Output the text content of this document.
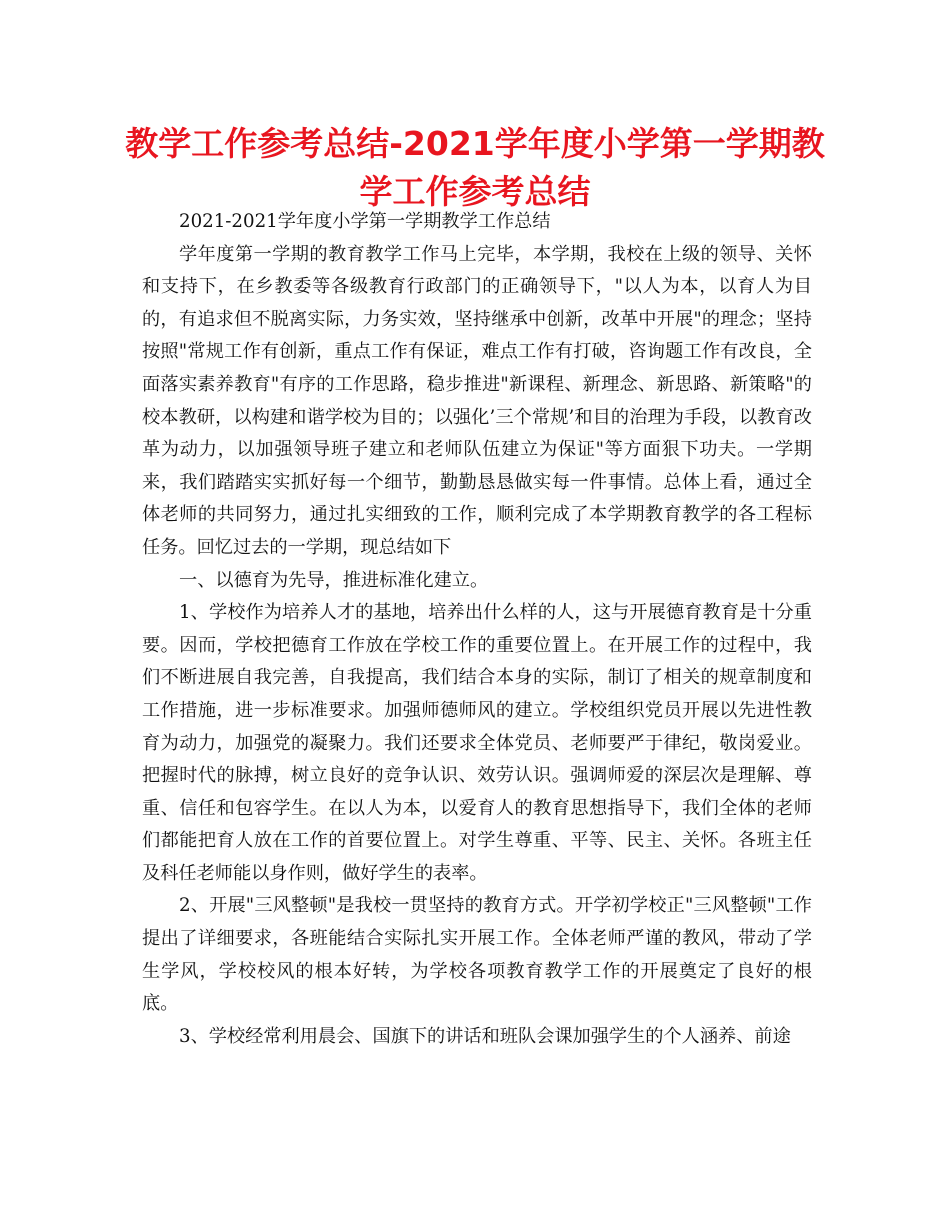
教学工作参考总结-2021学年度小学第一学期教学工作参考总结

2021-2021学年度小学第一学期教学工作总结

学年度第一学期的教育教学工作马上完毕，本学期，我校在上级的领导、关怀和支持下，在乡教委等各级教育行政部门的正确领导下，"以人为本，以育人为目的，有追求但不脱离实际，力务实效，坚持继承中创新，改革中开展"的理念；坚持按照"常规工作有创新，重点工作有保证，难点工作有打破，咨询题工作有改良，全面落实素养教育"有序的工作思路，稳步推进"新课程、新理念、新思路、新策略"的校本教研，以构建和谐学校为目的；以强化’三个常规’和目的治理为手段，以教育改革为动力，以加强领导班子建立和老师队伍建立为保证"等方面狠下功夫。一学期来，我们踏踏实实抓好每一个细节，勤勤恳恳做实每一件事情。总体上看，通过全体老师的共同努力，通过扎实细致的工作，顺利完成了本学期教育教学的各工程标任务。回忆过去的一学期，现总结如下

一、以德育为先导，推进标准化建立。

1、学校作为培养人才的基地，培养出什么样的人，这与开展德育教育是十分重要。因而，学校把德育工作放在学校工作的重要位置上。在开展工作的过程中，我们不断进展自我完善，自我提高，我们结合本身的实际，制订了相关的规章制度和工作措施，进一步标准要求。加强师德师风的建立。学校组织党员开展以先进性教育为动力，加强党的凝聚力。我们还要求全体党员、老师要严于律纪，敬岗爱业。把握时代的脉搏，树立良好的竞争认识、效劳认识。强调师爱的深层次是理解、尊重、信任和包容学生。在以人为本，以爱育人的教育思想指导下，我们全体的老师们都能把育人放在工作的首要位置上。对学生尊重、平等、民主、关怀。各班主任及科任老师能以身作则，做好学生的表率。

2、开展"三风整顿"是我校一贯坚持的教育方式。开学初学校正"三风整顿"工作提出了详细要求，各班能结合实际扎实开展工作。全体老师严谨的教风，带动了学生学风，学校校风的根本好转，为学校各项教育教学工作的开展奠定了良好的根底。

3、学校经常利用晨会、国旗下的讲话和班队会课加强学生的个人涵养、前途
